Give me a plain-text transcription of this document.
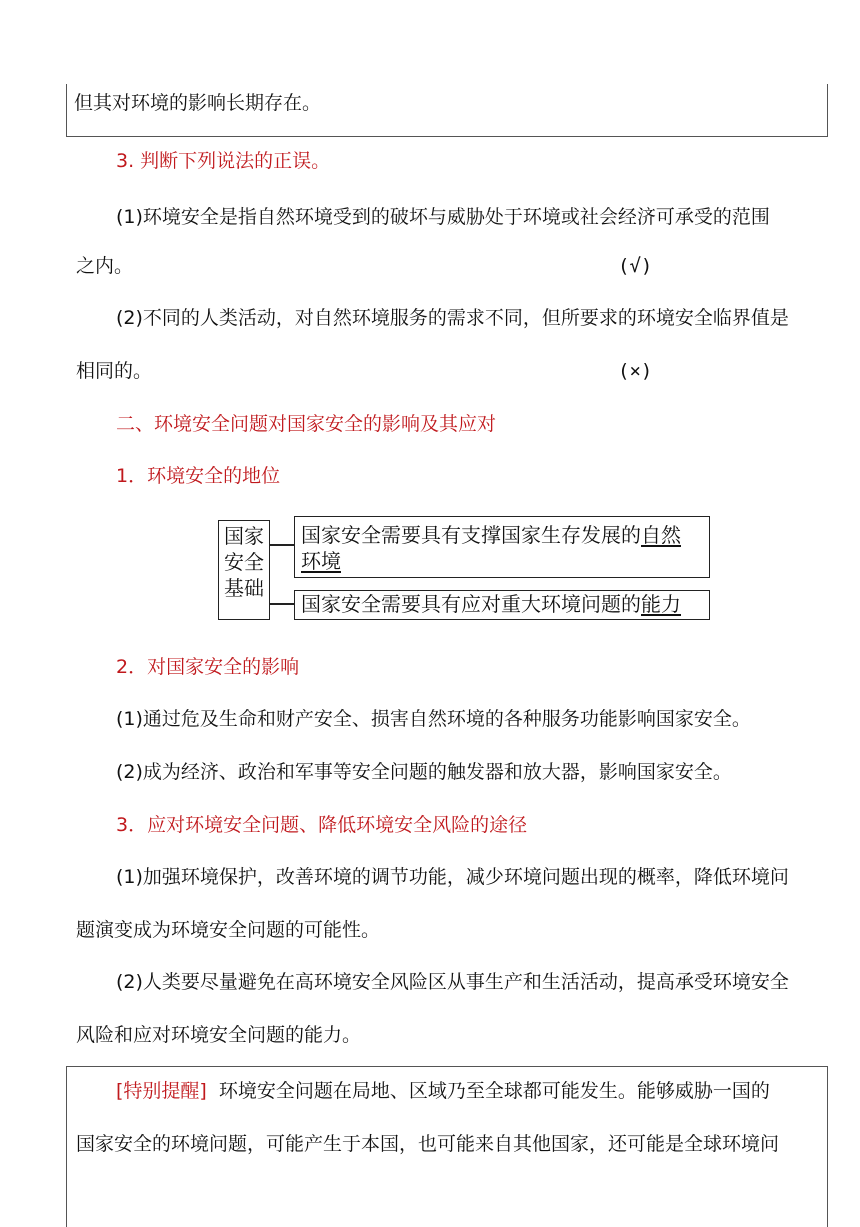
但其对环境的影响长期存在。
3. 判断下列说法的正误。
(1)环境安全是指自然环境受到的破坏与威胁处于环境或社会经济可承受的范围
之内。	(√)
(2)不同的人类活动，对自然环境服务的需求不同，但所要求的环境安全临界值是
相同的。	(×)
二、环境安全问题对国家安全的影响及其应对
1．环境安全的地位
国家
安全
基础
国家安全需要具有支撑国家生存发展的自然
环境
国家安全需要具有应对重大环境问题的能力
2．对国家安全的影响
(1)通过危及生命和财产安全、损害自然环境的各种服务功能影响国家安全。
(2)成为经济、政治和军事等安全问题的触发器和放大器，影响国家安全。
3．应对环境安全问题、降低环境安全风险的途径
(1)加强环境保护，改善环境的调节功能，减少环境问题出现的概率，降低环境问
题演变成为环境安全问题的可能性。
(2)人类要尽量避免在高环境安全风险区从事生产和生活活动，提高承受环境安全
风险和应对环境安全问题的能力。
[特别提醒] 环境安全问题在局地、区域乃至全球都可能发生。能够威胁一国的
国家安全的环境问题，可能产生于本国，也可能来自其他国家，还可能是全球环境问
